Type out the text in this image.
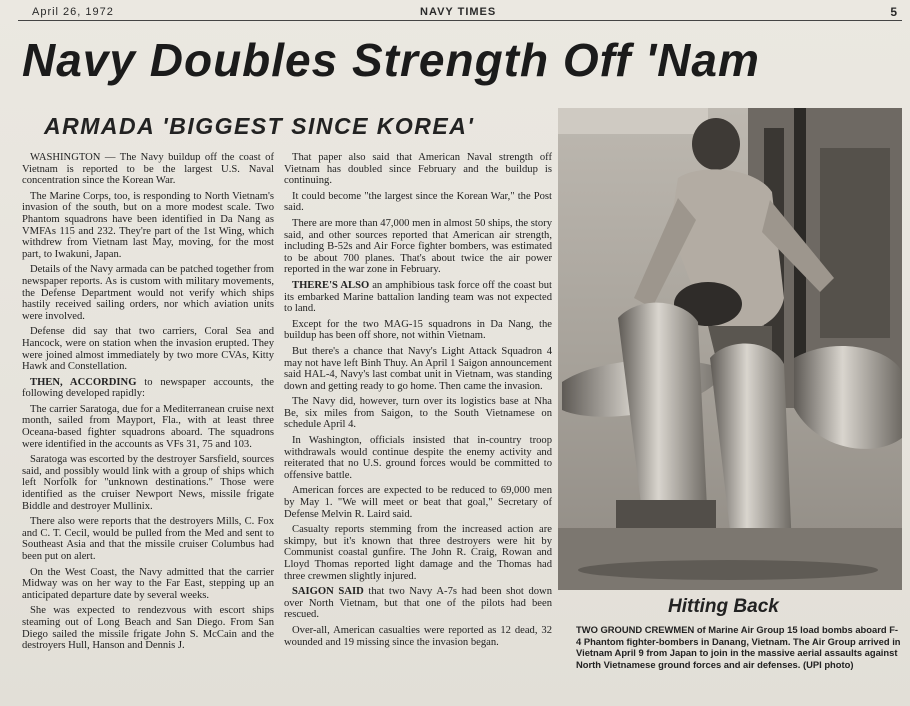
April 26, 1972	NAVY TIMES	5
Navy Doubles Strength Off 'Nam
ARMADA 'BIGGEST SINCE KOREA'

WASHINGTON — The Navy buildup off the coast of Vietnam is reported to be the largest U.S. Naval concentration since the Korean War.

The Marine Corps, too, is responding to North Vietnam's invasion of the south, but on a more modest scale. Two Phantom squadrons have been identified in Da Nang as VMFAs 115 and 232. They're part of the 1st Wing, which withdrew from Vietnam last May, moving, for the most part, to Iwakuni, Japan.

Details of the Navy armada can be patched together from newspaper reports. As is custom with military movements, the Defense Department would not verify which ships hastily received sailing orders, nor which aviation units were involved.

Defense did say that two carriers, Coral Sea and Hancock, were on station when the invasion erupted. They were joined almost immediately by two more CVAs, Kitty Hawk and Constellation.

THEN, ACCORDING to newspaper accounts, the following developed rapidly:

The carrier Saratoga, due for a Mediterranean cruise next month, sailed from Mayport, Fla., with at least three Oceana-based fighter squadrons aboard. The squadrons were identified in the accounts as VFs 31, 75 and 103.

Saratoga was escorted by the destroyer Sarsfield, sources said, and possibly would link with a group of ships which left Norfolk for "unknown destinations." Those were identified as the cruiser Newport News, missile frigate Biddle and destroyer Mullinix.

There also were reports that the destroyers Mills, C. Fox and C. T. Cecil, would be pulled from the Med and sent to Southeast Asia and that the missile cruiser Columbus had been put on alert.

On the West Coast, the Navy admitted that the carrier Midway was on her way to the Far East, stepping up an anticipated departure date by several weeks.

She was expected to rendezvous with escort ships steaming out of Long Beach and San Diego. From San Diego sailed the missile frigate John S. McCain and the destroyers Hull, Hanson and Dennis J.

That paper also said that American Naval strength off Vietnam has doubled since February and the buildup is continuing.

It could become "the largest since the Korean War," the Post said.

There are more than 47,000 men in almost 50 ships, the story said, and other sources reported that American air strength, including B-52s and Air Force fighter bombers, was estimated to be about 700 planes. That's about twice the air power reported in the war zone in February.

THERE'S ALSO an amphibious task force off the coast but its embarked Marine battalion landing team was not expected to land.

Except for the two MAG-15 squadrons in Da Nang, the buildup has been off shore, not within Vietnam.

But there's a chance that Navy's Light Attack Squadron 4 may not have left Binh Thuy. An April 1 Saigon announcement said HAL-4, Navy's last combat unit in Vietnam, was standing down and getting ready to go home. Then came the invasion.

The Navy did, however, turn over its logistics base at Nha Be, six miles from Saigon, to the South Vietnamese on schedule April 4.

In Washington, officials insisted that in-country troop withdrawals would continue despite the enemy activity and reiterated that no U.S. ground forces would be committed to offensive battle.

American forces are expected to be reduced to 69,000 men by May 1. "We will meet or beat that goal," Secretary of Defense Melvin R. Laird said.

Casualty reports stemming from the increased action are skimpy, but it's known that three destroyers were hit by Communist coastal gunfire. The John R. Craig, Rowan and Lloyd Thomas reported light damage and the Thomas had three crewmen slightly injured.

SAIGON SAID that two Navy A-7s had been shot down over North Vietnam, but that one of the pilots had been rescued.

Over-all, American casualties were reported as 12 dead, 32 wounded and 19 missing since the invasion began.

Hitting Back

TWO GROUND CREWMEN of Marine Air Group 15 load bombs aboard F-4 Phantom fighter-bombers in Danang, Vietnam. The Air Group arrived in Vietnam April 9 from Japan to join in the massive aerial assaults against North Vietnamese ground forces and air defenses. (UPI photo)
